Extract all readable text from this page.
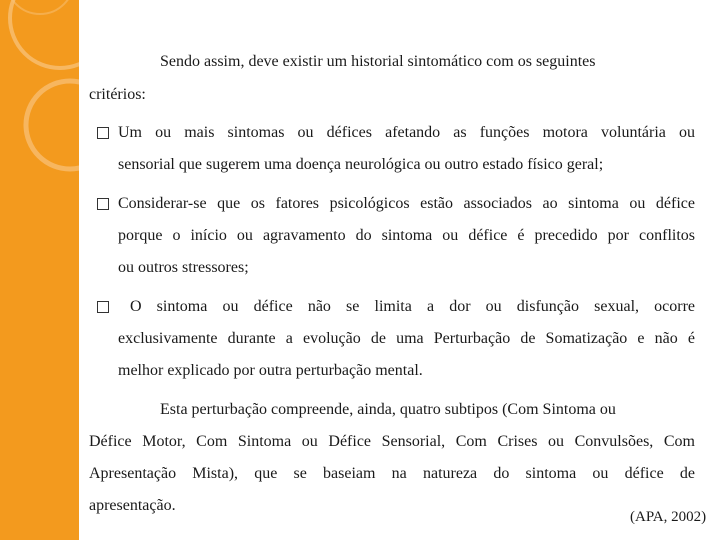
Sendo assim, deve existir um historial sintomático com os seguintes
critérios:
Um ou mais sintomas ou défices afetando as funções motora voluntária ou
sensorial que sugerem uma doença neurológica ou outro estado físico geral;
Considerar-se que os fatores psicológicos estão associados ao sintoma ou défice
porque o início ou agravamento do sintoma ou défice é precedido por conflitos
ou outros stressores;
O sintoma ou défice não se limita a dor ou disfunção sexual, ocorre
exclusivamente durante a evolução de uma Perturbação de Somatização e não é
melhor explicado por outra perturbação mental.
Esta perturbação compreende, ainda, quatro subtipos (Com Sintoma ou
Défice Motor, Com Sintoma ou Défice Sensorial, Com Crises ou Convulsões, Com
Apresentação Mista), que se baseiam na natureza do sintoma ou défice de
apresentação.
(APA, 2002)
